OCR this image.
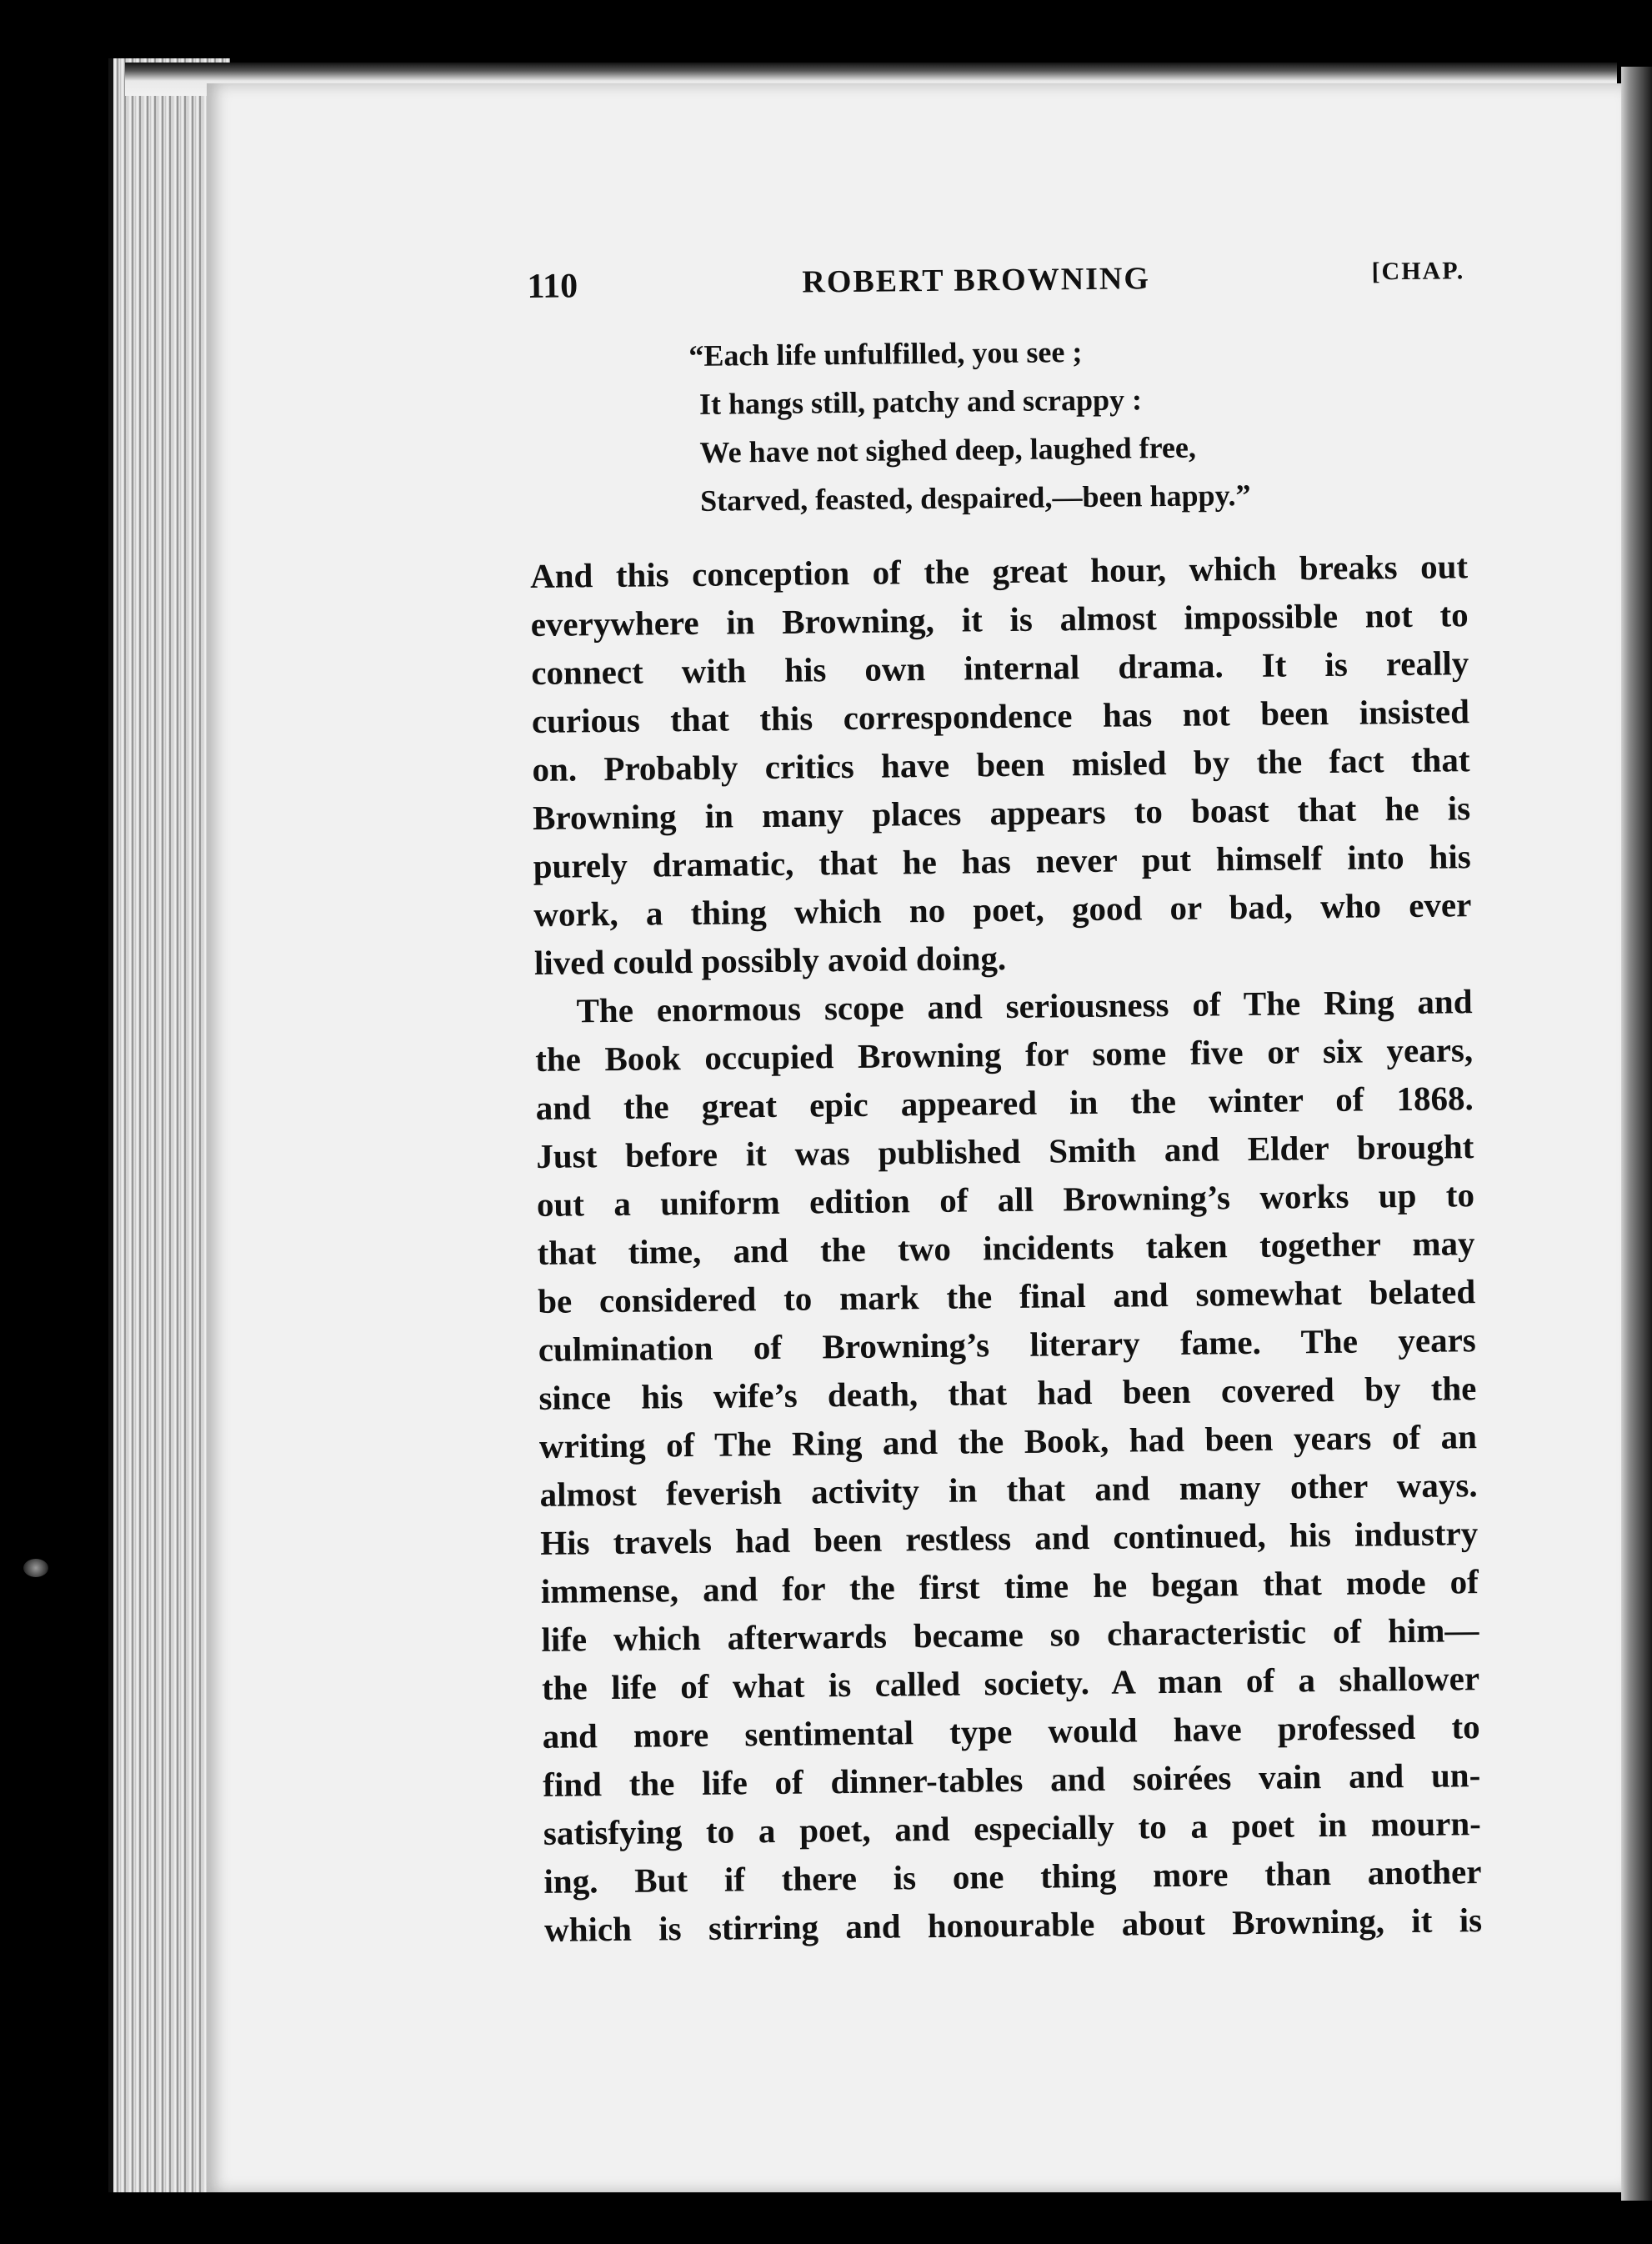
110	ROBERT BROWNING	[CHAP.
“Each life unfulfilled, you see ;
It hangs still, patchy and scrappy :
We have not sighed deep, laughed free,
Starved, feasted, despaired,—been happy.”
And this conception of the great hour, which breaks out
everywhere in Browning, it is almost impossible not to
connect with his own internal drama. It is really
curious that this correspondence has not been insisted
on. Probably critics have been misled by the fact that
Browning in many places appears to boast that he is
purely dramatic, that he has never put himself into his
work, a thing which no poet, good or bad, who ever
lived could possibly avoid doing.
The enormous scope and seriousness of The Ring and
the Book occupied Browning for some five or six years,
and the great epic appeared in the winter of 1868.
Just before it was published Smith and Elder brought
out a uniform edition of all Browning’s works up to
that time, and the two incidents taken together may
be considered to mark the final and somewhat belated
culmination of Browning’s literary fame. The years
since his wife’s death, that had been covered by the
writing of The Ring and the Book, had been years of an
almost feverish activity in that and many other ways.
His travels had been restless and continued, his industry
immense, and for the first time he began that mode of
life which afterwards became so characteristic of him—
the life of what is called society. A man of a shallower
and more sentimental type would have professed to
find the life of dinner-tables and soirées vain and un-
satisfying to a poet, and especially to a poet in mourn-
ing. But if there is one thing more than another
which is stirring and honourable about Browning, it is
